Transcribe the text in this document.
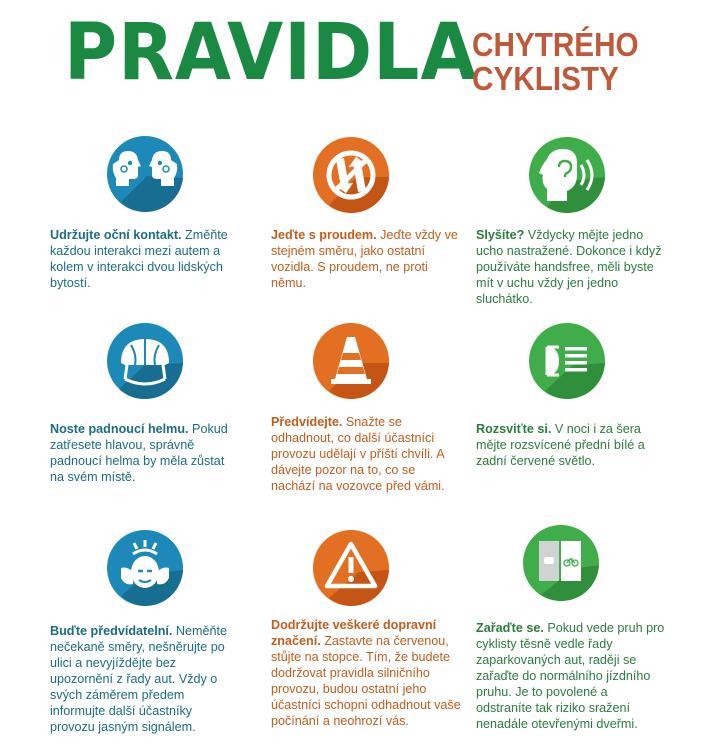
PRAVIDLA
CHYTRÉHO
CYKLISTY
Udržujte oční kontakt. Změňte každou interakci mezi autem a kolem v interakci dvou lidských bytostí.
Jeďte s proudem. Jeďte vždy ve stejném směru, jako ostatní vozidla. S proudem, ne proti němu.
Slyšíte? Vždycky mějte jedno ucho nastražené. Dokonce i když používáte handsfree, měli byste mít v uchu vždy jen jedno sluchátko.
Noste padnoucí helmu. Pokud zatřesete hlavou, správně padnoucí helma by měla zůstat na svém místě.
Předvídejte. Snažte se odhadnout, co další účastníci provozu udělají v příští chvíli. A dávejte pozor na to, co se nachází na vozovce před vámi.
Rozsviťte si. V noci i za šera mějte rozsvícené přední bílé a zadní červené světlo.
Buďte předvídatelní. Neměňte nečekaně směry, nešněrujte po ulici a nevyjíždějte bez upozornění z řady aut. Vždy o svých záměrem předem informujte další účastníky provozu jasným signálem.
Dodržujte veškeré dopravní značení. Zastavte na červenou, stůjte na stopce. Tím, že budete dodržovat pravidla silničního provozu, budou ostatní jeho účastníci schopni odhadnout vaše počínání a neohrozí vás.
Zařaďte se. Pokud vede pruh pro cyklisty těsně vedle řady zaparkovaných aut, raději se zařaďte do normálního jízdního pruhu. Je to povolené a odstraníte tak riziko sražení nenadále otevřenými dveřmi.
